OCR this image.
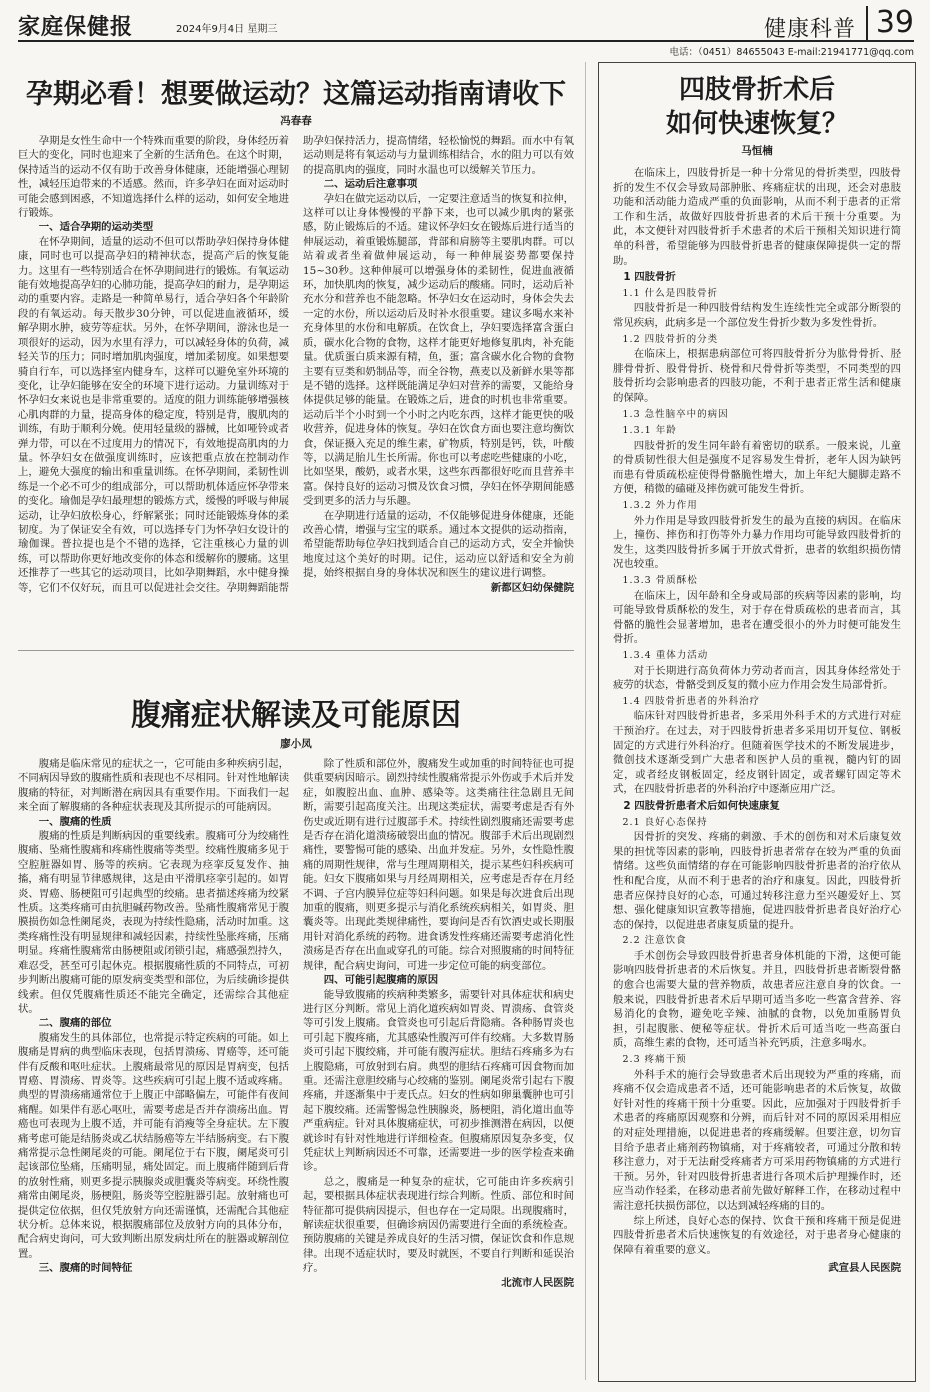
家庭保健报	2024年9月4日 星期三	健康科普 39
电话：（0451）84655043 E-mail:21941771@qq.com
孕期必看！想要做运动？这篇运动指南请收下
冯春春

孕期是女性生命中一个特殊而重要的阶段，身体经历着巨大的变化，同时也迎来了全新的生活角色。在这个时期，保持适当的运动不仅有助于改善身体健康，还能增强心理韧性，减轻压迫带来的不适感。然而，许多孕妇在面对运动时可能会感到困惑，不知道选择什么样的运动，如何安全地进行锻炼。

一、适合孕期的运动类型

在怀孕期间，适量的运动不但可以帮助孕妇保持身体健康，同时也可以提高孕妇的精神状态，提高产后的恢复能力。这里有一些特别适合在怀孕期间进行的锻炼。有氧运动能有效地提高孕妇的心肺功能，提高孕妇的耐力，是孕期运动的重要内容。走路是一种简单易行，适合孕妇各个年龄阶段的有氧运动。每天散步30分钟，可以促进血液循环，缓解孕期水肿，疲劳等症状。另外，在怀孕期间，游泳也是一项很好的运动，因为水里有浮力，可以减轻身体的负荷，减轻关节的压力；同时增加肌肉强度，增加柔韧度。如果想要骑自行车，可以选择室内健身车，这样可以避免室外环境的变化，让孕妇能够在安全的环境下进行运动。力量训练对于怀孕妇女来说也是非常重要的。适度的阻力训练能够增强核心肌肉群的力量，提高身体的稳定度，特别是背，腹肌肉的训练，有助于顺利分娩。使用轻量级的器械，比如哑铃或者弹力带，可以在不过度用力的情况下，有效地提高肌肉的力量。怀孕妇女在做强度训练时，应该把重点放在控制动作上，避免大强度的输出和重量训练。在怀孕期间，柔韧性训练是一个必不可少的组成部分，可以帮助机体适应怀孕带来的变化。瑜伽是孕妇最理想的锻炼方式，缓慢的呼吸与伸展运动，让孕妇放松身心，纾解紧张；同时还能锻炼身体的柔韧度。为了保证安全有效，可以选择专门为怀孕妇女设计的瑜伽课。普拉提也是个不错的选择，它注重核心力量的训练，可以帮助你更好地改变你的体态和缓解你的腰痛。这里还推荐了一些其它的运动项目，比如孕期舞蹈，水中健身操等，它们不仅好玩，而且可以促进社会交往。孕期舞蹈能帮助孕妇保持活力，提高情绪，轻松愉悦的舞蹈。而水中有氧运动则是将有氧运动与力量训练相结合，水的阻力可以有效的提高肌肉的强度，同时水温也可以缓解关节压力。

二、运动后注意事项

孕妇在做完运动以后，一定要注意适当的恢复和拉伸，这样可以让身体慢慢的平静下来，也可以减少肌肉的紧张感，防止锻炼后的不适。建议怀孕妇女在锻炼后进行适当的伸展运动，着重锻炼腿部，背部和肩膀等主要肌肉群。可以站着或者坐着做伸展运动，每一种伸展姿势都要保持15~30秒。这种伸展可以增强身体的柔韧性，促进血液循环，加快肌肉的恢复，减少运动后的酸痛。同时，运动后补充水分和营养也不能忽略。怀孕妇女在运动时，身体会失去一定的水份，所以运动后及时补水很重要。建议多喝水来补充身体里的水份和电解质。在饮食上，孕妇要选择富含蛋白质，碳水化合物的食物，这样才能更好地修复肌肉，补充能量。优质蛋白质来源有精，鱼，蛋；富含碳水化合物的食物主要有豆类和奶制品等，而全谷物，燕麦以及新鲜水果等都是不错的选择。这样既能满足孕妇对营养的需要，又能给身体提供足够的能量。在锻炼之后，进食的时机也非常重要。运动后半个小时到一个小时之内吃东西，这样才能更快的吸收营养，促进身体的恢复。孕妇在饮食方面也要注意均衡饮食，保证摄入充足的维生素，矿物质，特别是钙，铁，叶酸等，以满足胎儿生长所需。你也可以考虑吃些健康的小吃，比如坚果，酸奶，或者水果，这些东西都很好吃而且营养丰富。保持良好的运动习惯及饮食习惯，孕妇在怀孕期间能感受到更多的活力与乐趣。

在孕期进行适量的运动，不仅能够促进身体健康，还能改善心情，增强与宝宝的联系。通过本文提供的运动指南，希望能帮助每位孕妇找到适合自己的运动方式，安全并愉快地度过这个美好的时期。记住，运动应以舒适和安全为前提，始终根据自身的身体状况和医生的建议进行调整。

新都区妇幼保健院

腹痛症状解读及可能原因
廖小凤

腹痛是临床常见的症状之一，它可能由多种疾病引起，不同病因导致的腹痛性质和表现也不尽相同。针对性地解读腹痛的特征，对判断潜在病因具有重要作用。下面我们一起来全面了解腹痛的各种症状表现及其所提示的可能病因。

一、腹痛的性质

腹痛的性质是判断病因的重要线索。腹痛可分为绞痛性腹痛、坠痛性腹痛和疼痛性腹痛等类型。绞痛性腹痛多见于空腔脏器如胃、肠等的疾病。它表现为痉挛反复发作、抽搐，痛有明显节律感规律，这是由平滑肌痉挛引起的。如胃炎、胃癌、肠梗阻可引起典型的绞痛。患者描述疼痛为绞紧性质。这类疼痛可由抗胆碱药物改善。坠痛性腹痛常见于腹膜损伤如急性阑尾炎，表现为持续性隐痛，活动时加重。这类疼痛性没有明显规律和减轻因素，持续性坠胀疼痛，压痛明显。疼痛性腹痛常由肠梗阻或闭锁引起，痛感强烈持久，难忍受，甚至可引起休克。根据腹痛性质的不同特点，可初步判断出腹痛可能的原发病变类型和部位，为后续确诊提供线索。但仅凭腹痛性质还不能完全确定，还需综合其他症状。

二、腹痛的部位

腹痛发生的具体部位，也常提示特定疾病的可能。如上腹痛是胃病的典型临床表现，包括胃溃疡、胃癌等，还可能伴有反酸和呕吐症状。上腹痛最常见的原因是胃病变，包括胃癌、胃溃疡、胃炎等。这些疾病可引起上腹不适或疼痛。典型的胃溃疡痛通常位于上腹正中部略偏左，可能伴有夜间痛醒。如果伴有恶心呕吐，需要考虑是否并存溃疡出血。胃癌也可表现为上腹不适，并可能有消瘦等全身症状。左下腹痛考虑可能是结肠炎或乙状结肠癌等左半结肠病变。右下腹痛常提示急性阑尾炎的可能。阑尾位于右下腹，阑尾炎可引起该部位坠痛，压痛明显，痛处固定。而上腹痛伴随到后背的放射性痛，则更多提示胰腺炎或胆囊炎等病变。环绕性腹痛常由阑尾炎，肠梗阻，肠炎等空腔脏器引起。放射痛也可提供定位依据，但仅凭放射方向还需谨慎，还需配合其他症状分析。总体来说，根据腹痛部位及放射方向的具体分布，配合病史询问，可大致判断出原发病灶所在的脏器或解剖位置。

三、腹痛的时间特征

除了性质和部位外，腹痛发生或加重的时间特征也可提供重要病因暗示。剧烈持续性腹痛常提示外伤或手术后并发症，如腹腔出血、血肿、感染等。这类痛往往急剧且无间断，需要引起高度关注。出现这类症状，需要考虑是否有外伤史或近期有进行过腹部手术。持续性剧烈腹痛还需要考虑是否存在消化道溃疡破裂出血的情况。腹部手术后出现剧烈痛性，要警惕可能的感染、出血并发症。另外，女性隐性腹痛的周期性规律，常与生理周期相关，提示某些妇科疾病可能。妇女下腹痛如果与月经周期相关，应考虑是否存在月经不调、子宫内膜异位症等妇科问题。如果是每次进食后出现加重的腹痛，则更多提示与消化系统疾病相关，如胃炎、胆囊炎等。出现此类规律痛性，要询问是否有饮酒史或长期服用针对消化系统的药物。进食诱发性疼痛还需要考虑消化性溃疡是否存在出血或穿孔的可能。综合对照腹痛的时间特征规律，配合病史询问，可进一步定位可能的病变部位。

四、可能引起腹痛的原因

能导致腹痛的疾病种类繁多，需要针对具体症状和病史进行区分判断。常见上消化道疾病如胃炎、胃溃疡、食管炎等可引发上腹痛。食管炎也可引起后背隐痛。各种肠胃炎也可引起下腹疼痛，尤其感染性腹泻可伴有绞痛。大多数胃肠炎可引起下腹绞痛，并可能有腹泻症状。胆结石疼痛多为右上腹隐痛，可放射到右肩。典型的胆结石疼痛可因食物而加重。还需注意胆绞痛与心绞痛的鉴别。阑尾炎常引起右下腹疼痛，并逐渐集中于麦氏点。妇女的性病如卵巢囊肿也可引起下腹绞痛。还需警惕急性胰腺炎，肠梗阻，消化道出血等严重病症。针对具体腹痛症状，可初步推测潜在病因，以便就诊时有针对性地进行详细检查。但腹痛原因复杂多变，仅凭症状上判断病因还不可靠，还需要进一步的医学检查来确诊。

总之，腹痛是一种复杂的症状，它可能由许多疾病引起，要根据具体症状表现进行综合判断。性质、部位和时间特征都可提供病因提示，但也存在一定局限。出现腹痛时，解读症状很重要，但确诊病因仍需要进行全面的系统检查。预防腹痛的关键是养成良好的生活习惯，保证饮食和作息规律。出现不适症状时，要及时就医，不要自行判断和延误治疗。

北流市人民医院

四肢骨折术后
如何快速恢复？
马恒楠

在临床上，四肢骨折是一种十分常见的骨折类型，四肢骨折的发生不仅会导致局部肿胀、疼痛症状的出现，还会对患肢功能和活动能力造成严重的负面影响，从而不利于患者的正常工作和生活，故做好四肢骨折患者的术后干预十分重要。为此，本文便针对四肢骨折手术患者的术后干预相关知识进行简单的科普，希望能够为四肢骨折患者的健康保障提供一定的帮助。

1 四肢骨折
1.1 什么是四肢骨折

四肢骨折是一种四肢骨结构发生连续性完全或部分断裂的常见疾病，此病多是一个部位发生骨折少数为多发性骨折。

1.2 四肢骨折的分类

在临床上，根据患病部位可将四肢骨折分为肱骨骨折、胫腓骨骨折、股骨骨折、桡骨和尺骨骨折等类型，不同类型的四肢骨折均会影响患者的四肢功能，不利于患者正常生活和健康的保障。

1.3 急性脑卒中的病因
1.3.1 年龄

四肢骨折的发生同年龄有着密切的联系。一般来说，儿童的骨质韧性很大但是强度不足容易发生骨折，老年人因为缺钙而患有骨质疏松症使得骨骼脆性增大，加上年纪大腿脚走路不方便，稍微的磕碰及摔伤就可能发生骨折。

1.3.2 外力作用

外力作用是导致四肢骨折发生的最为直接的病因。在临床上，撞伤、摔伤和打伤等外力暴力作用均可能导致四肢骨折的发生，这类四肢骨折多属于开放式骨折，患者的软组织损伤情况也较重。

1.3.3 骨质酥松

在临床上，因年龄和全身或局部的疾病等因素的影响，均可能导致骨质酥松的发生，对于存在骨质疏松的患者而言，其骨骼的脆性会显著增加，患者在遭受很小的外力时便可能发生骨折。

1.3.4 重体力活动

对于长期进行高负荷体力劳动者而言，因其身体经常处于疲劳的状态，骨骼受到反复的微小应力作用会发生局部骨折。

1.4 四肢骨折患者的外科治疗

临床针对四肢骨折患者，多采用外科手术的方式进行对症干预治疗。在过去，对于四肢骨折患者多采用切开复位、钢板固定的方式进行外科治疗。但随着医学技术的不断发展进步，微创技术逐渐受到广大患者和医护人员的重视，髓内钉的固定，或者经皮钢板固定，经皮钢针固定，或者螺钉固定等术式，在四肢骨折患者的外科治疗中逐渐应用广泛。

2 四肢骨折患者术后如何快速康复
2.1 良好心态保持

因骨折的突发、疼痛的刺激、手术的创伤和对术后康复效果的担忧等因素的影响，四肢骨折患者常存在较为严重的负面情绪。这些负面情绪的存在可能影响四肢骨折患者的治疗依从性和配合度，从而不利于患者的治疗和康复。因此，四肢骨折患者应保持良好的心态，可通过转移注意力至兴趣爱好上、冥想、强化健康知识宣教等措施，促进四肢骨折患者良好治疗心态的保持，以促进患者康复质量的提升。

2.2 注意饮食

手术创伤会导致四肢骨折患者身体机能的下滑，这便可能影响四肢骨折患者的术后恢复。并且，四肢骨折患者断裂骨骼的愈合也需要大量的营养物质，故患者应注意自身的饮食。一般来说，四肢骨折患者术后早期可适当多吃一些富含营养、容易消化的食物，避免吃辛辣、油腻的食物，以免加重肠胃负担，引起腹胀、便秘等症状。骨折术后可适当吃一些高蛋白质，高维生素的食物，还可适当补充钙质，注意多喝水。

2.3 疼痛干预

外科手术的施行会导致患者术后出现较为严重的疼痛，而疼痛不仅会造成患者不适，还可能影响患者的术后恢复，故做好针对性的疼痛干预十分重要。因此，应加强对于四肢骨折手术患者的疼痛原因观察和分辨，而后针对不同的原因采用相应的对症处理措施，以促进患者的疼痛缓解。但要注意，切勿盲目给予患者止痛剂药物镇痛，对于疼痛较者，可通过分散和转移注意力，对于无法耐受疼痛者方可采用药物镇痛的方式进行干预。另外，针对四肢骨折患者进行各项术后护理操作时，还应当动作轻柔，在移动患者前先做好解释工作，在移动过程中需注意托扶损伤部位，以达到减轻疼痛的目的。

综上所述，良好心态的保持、饮食干预和疼痛干预是促进四肢骨折患者术后快速恢复的有效途径，对于患者身心健康的保障有着重要的意义。

武宣县人民医院
